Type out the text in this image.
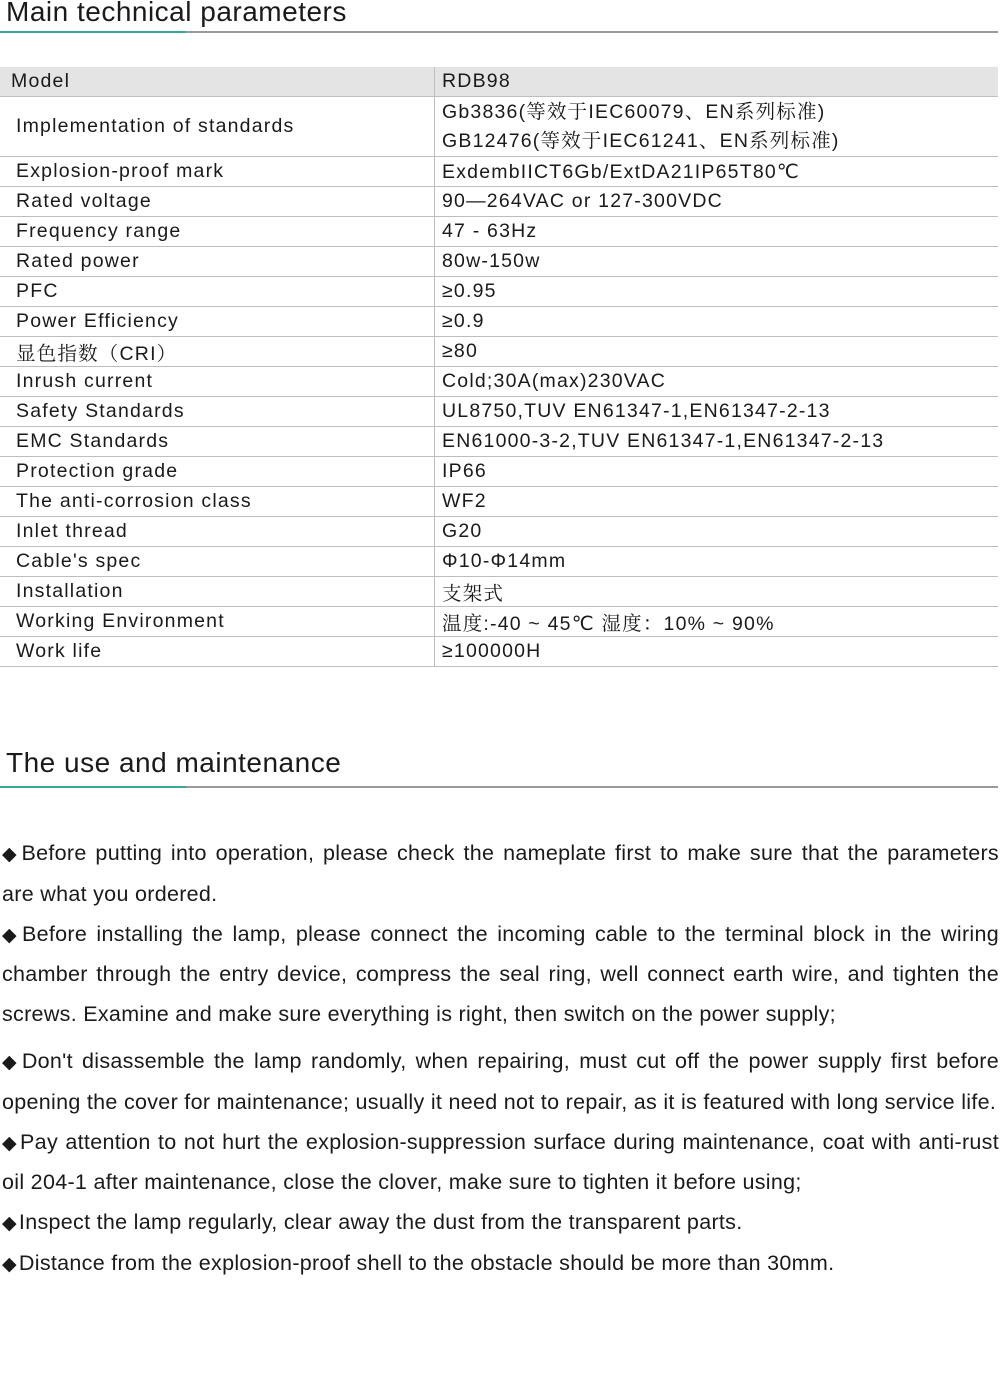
Main technical parameters
Model	RDB98
Implementation of standards	Gb3836(等效于IEC60079、EN系列标准)
GB12476(等效于IEC61241、EN系列标准)

Explosion-proof mark	ExdembIICT6Gb/ExtDA21IP65T80℃
Rated voltage	90—264VAC or 127-300VDC
Frequency range	47 - 63Hz
Rated power	80w-150w
PFC	≥0.95
Power Efficiency	≥0.9
显色指数（CRI）	≥80
Inrush current	Cold;30A(max)230VAC
Safety Standards	UL8750,TUV EN61347-1,EN61347-2-13
EMC Standards	EN61000-3-2,TUV EN61347-1,EN61347-2-13
Protection grade	IP66
The anti-corrosion class	WF2
Inlet thread	G20
Cable's spec	Φ10-Φ14mm
Installation	支架式
Working Environment	温度:-40 ~ 45℃ 湿度：10% ~ 90%
Work life	≥100000H
The use and maintenance

◆Before putting into operation, please check the nameplate first to make sure that the parameters are what you ordered.

◆Before installing the lamp, please connect the incoming cable to the terminal block in the wiring chamber through the entry device, compress the seal ring, well connect earth wire, and tighten the screws. Examine and make sure everything is right, then switch on the power supply;

◆Don't disassemble the lamp randomly, when repairing, must cut off the power supply first before opening the cover for maintenance; usually it need not to repair, as it is featured with long service life.

◆Pay attention to not hurt the explosion-suppression surface during maintenance, coat with anti-rust oil 204-1 after maintenance, close the clover, make sure to tighten it before using;

◆Inspect the lamp regularly, clear away the dust from the transparent parts.

◆Distance from the explosion-proof shell to the obstacle should be more than 30mm.
